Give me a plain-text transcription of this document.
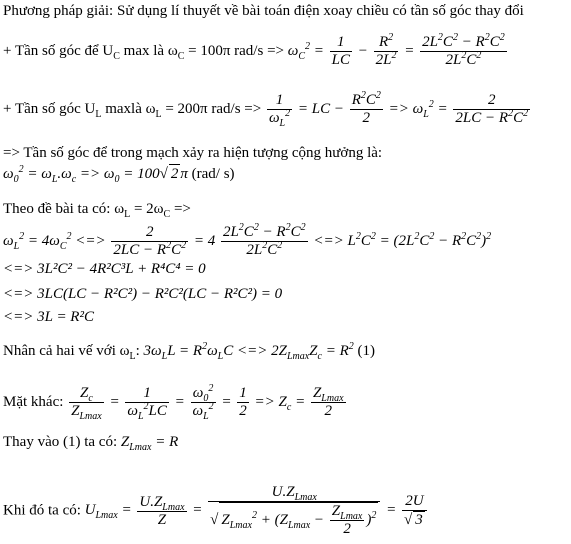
Phương pháp giải: Sử dụng lí thuyết về bài toán điện xoay chiều có tần số góc thay đổi
+ Tần số góc để $U_C$ max là $\omega_C = 100\pi$ $rad/s => \omega_C^2 = \frac{1}{LC} - \frac{R^2}{2L^2} = \frac{2L^2C^2 - R^2C^2}{2L^2C^2}$
+ Tần số góc $U_L$ maxlà $\omega_L = 200\pi$ $rad/s => \frac{1}{\omega_L^2}$ = LC − $\frac{R^2C^2}{2} => \omega_L^2 = \frac{2}{2LC - R^2C^2}$
=> Tần số góc để trong mạch xảy ra hiện tượng cộng hưởng là:
$\omega_0^2 = \omega_L.\omega_c => \omega_0 = 100√$ 2 π (rad/ s)
Theo đề bài ta có: $\omega_L = 2\omega_C$ =>
$\omega_L^2 = 4\omega_C^2$ <=> $\frac{2}{2LC - R^2C^2} = 4 \frac{2L^2C^2 - R^2C^2}{2L^2C^2}$ <=> $L^2C^2 = (2L^2C^2 - R^2C^2)^2$
<=> 3L²C² − 4R²C³L + R⁴C⁴ = 0
<=> 3LC(LC − R²C²) − R²C²(LC − R²C²) = 0
<=> 3L = R²C
Nhân cả hai vế với $\omega_L$: $3\omega_LL = R^2\omega_LC$ <=> $2Z_{Lmax}Z_c = R^2$ (1)
Mặt khác: $\frac{Z_c}{Z_{Lmax}} = \frac{1}{\omega_L^2LC} = \frac{\omega_0^2}{\omega_L^2} = \frac{1}{2} => Z_c = \frac{Z_{Lmax}}{2}$
Thay vào (1) ta có: $Z_{Lmax} = R$
Khi đó ta có: $U_{Lmax} = \frac{U.Z_{Lmax}}{Z} = \frac{U.Z_{Lmax}}{√ Z_{Lmax}^2 + (Z_{Lmax} - \frac{Z_{Lmax}}{2} )^2} = \frac{2U}{√ 3}$
